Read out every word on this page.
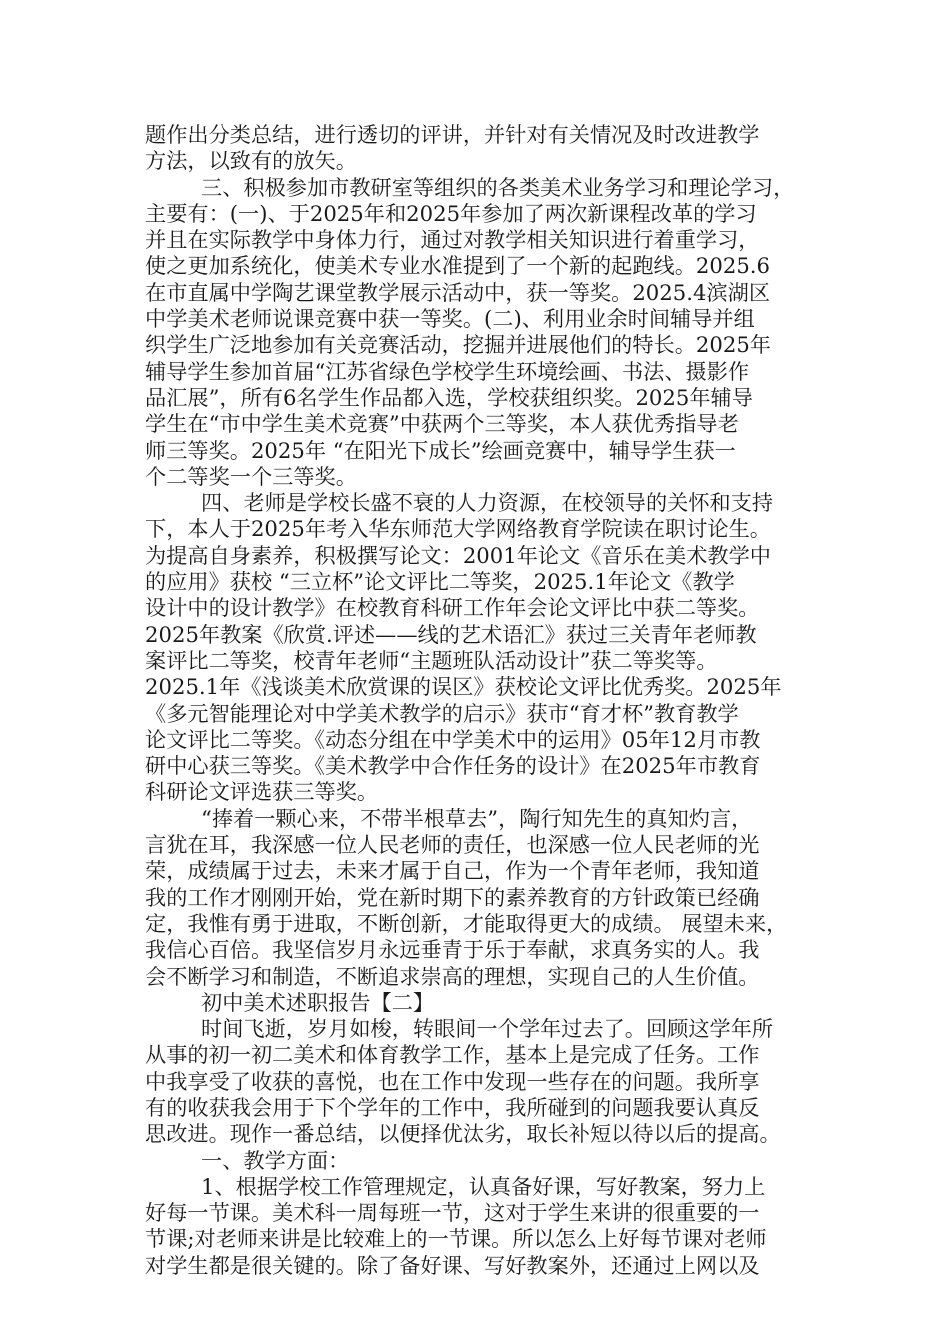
题作出分类总结，进行透切的评讲，并针对有关情况及时改进教学
方法，以致有的放矢。
三、积极参加市教研室等组织的各类美术业务学习和理论学习，
主要有：(一)、于2025年和2025年参加了两次新课程改革的学习
并且在实际教学中身体力行，通过对教学相关知识进行着重学习，
使之更加系统化，使美术专业水准提到了一个新的起跑线。2025.6
在市直属中学陶艺课堂教学展示活动中，获一等奖。2025.4滨湖区
中学美术老师说课竞赛中获一等奖。(二)、利用业余时间辅导并组
织学生广泛地参加有关竞赛活动，挖掘并进展他们的特长。2025年
辅导学生参加首届“江苏省绿色学校学生环境绘画、书法、摄影作
品汇展”，所有6名学生作品都入选，学校获组织奖。2025年辅导
学生在“市中学生美术竞赛”中获两个三等奖，本人获优秀指导老
师三等奖。2025年 “在阳光下成长”绘画竞赛中，辅导学生获一
个二等奖一个三等奖。
四、老师是学校长盛不衰的人力资源，在校领导的关怀和支持
下，本人于2025年考入华东师范大学网络教育学院读在职讨论生。
为提高自身素养，积极撰写论文：2001年论文《音乐在美术教学中
的应用》获校 “三立杯”论文评比二等奖，2025.1年论文《教学
设计中的设计教学》在校教育科研工作年会论文评比中获二等奖。
2025年教案《欣赏.评述——线的艺术语汇》获过三关青年老师教
案评比二等奖，校青年老师“主题班队活动设计”获二等奖等。
2025.1年《浅谈美术欣赏课的误区》获校论文评比优秀奖。2025年
《多元智能理论对中学美术教学的启示》获市“育才杯”教育教学
论文评比二等奖。《动态分组在中学美术中的运用》05年12月市教
研中心获三等奖。《美术教学中合作任务的设计》在2025年市教育
科研论文评选获三等奖。
“捧着一颗心来，不带半根草去”，陶行知先生的真知灼言，
言犹在耳，我深感一位人民老师的责任，也深感一位人民老师的光
荣，成绩属于过去，未来才属于自己，作为一个青年老师，我知道
我的工作才刚刚开始，党在新时期下的素养教育的方针政策已经确
定，我惟有勇于进取，不断创新，才能取得更大的成绩。 展望未来，
我信心百倍。我坚信岁月永远垂青于乐于奉献，求真务实的人。我
会不断学习和制造，不断追求崇高的理想，实现自己的人生价值。
初中美术述职报告【二】
时间飞逝，岁月如梭，转眼间一个学年过去了。回顾这学年所
从事的初一初二美术和体育教学工作，基本上是完成了任务。工作
中我享受了收获的喜悦，也在工作中发现一些存在的问题。我所享
有的收获我会用于下个学年的工作中，我所碰到的问题我要认真反
思改进。现作一番总结，以便择优汰劣，取长补短以待以后的提高。
一、教学方面：
1、根据学校工作管理规定，认真备好课，写好教案，努力上
好每一节课。美术科一周每班一节，这对于学生来讲的很重要的一
节课;对老师来讲是比较难上的一节课。所以怎么上好每节课对老师
对学生都是很关键的。除了备好课、写好教案外，还通过上网以及
